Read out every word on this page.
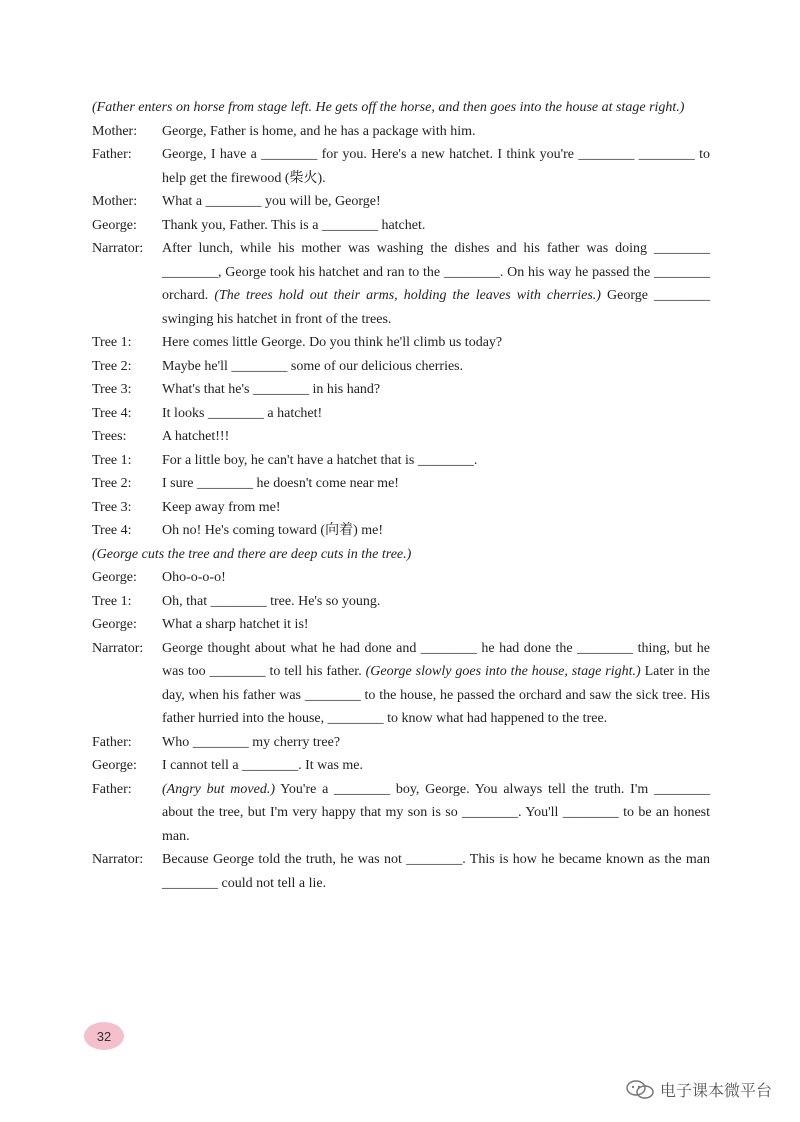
(Father enters on horse from stage left. He gets off the horse, and then goes into the house at stage right.)

Mother:	George, Father is home, and he has a package with him.
Father:	George, I have a ________ for you. Here's a new hatchet. I think you're ________ ________ to help get the firewood (柴火).
Mother:	What a ________ you will be, George!
George:	Thank you, Father. This is a ________ hatchet.
Narrator:	After lunch, while his mother was washing the dishes and his father was doing ________ ________, George took his hatchet and ran to the ________. On his way he passed the ________ orchard. (The trees hold out their arms, holding the leaves with cherries.) George ________ swinging his hatchet in front of the trees.
Tree 1:	Here comes little George. Do you think he'll climb us today?
Tree 2:	Maybe he'll ________ some of our delicious cherries.
Tree 3:	What's that he's ________ in his hand?
Tree 4:	It looks ________ a hatchet!
Trees:	A hatchet!!!
Tree 1:	For a little boy, he can't have a hatchet that is ________.
Tree 2:	I sure ________ he doesn't come near me!
Tree 3:	Keep away from me!
Tree 4:	Oh no! He's coming toward (向着) me!

(George cuts the tree and there are deep cuts in the tree.)

George:	Oho-o-o-o!
Tree 1:	Oh, that ________ tree. He's so young.
George:	What a sharp hatchet it is!
Narrator:	George thought about what he had done and ________ he had done the ________ thing, but he was too ________ to tell his father. (George slowly goes into the house, stage right.) Later in the day, when his father was ________ to the house, he passed the orchard and saw the sick tree. His father hurried into the house, ________ to know what had happened to the tree.
Father:	Who ________ my cherry tree?
George:	I cannot tell a ________. It was me.
Father:	(Angry but moved.) You're a ________ boy, George. You always tell the truth. I'm ________ about the tree, but I'm very happy that my son is so ________. You'll ________ to be an honest man.
Narrator:	Because George told the truth, he was not ________. This is how he became known as the man ________ could not tell a lie.
32
电子课本微平台
